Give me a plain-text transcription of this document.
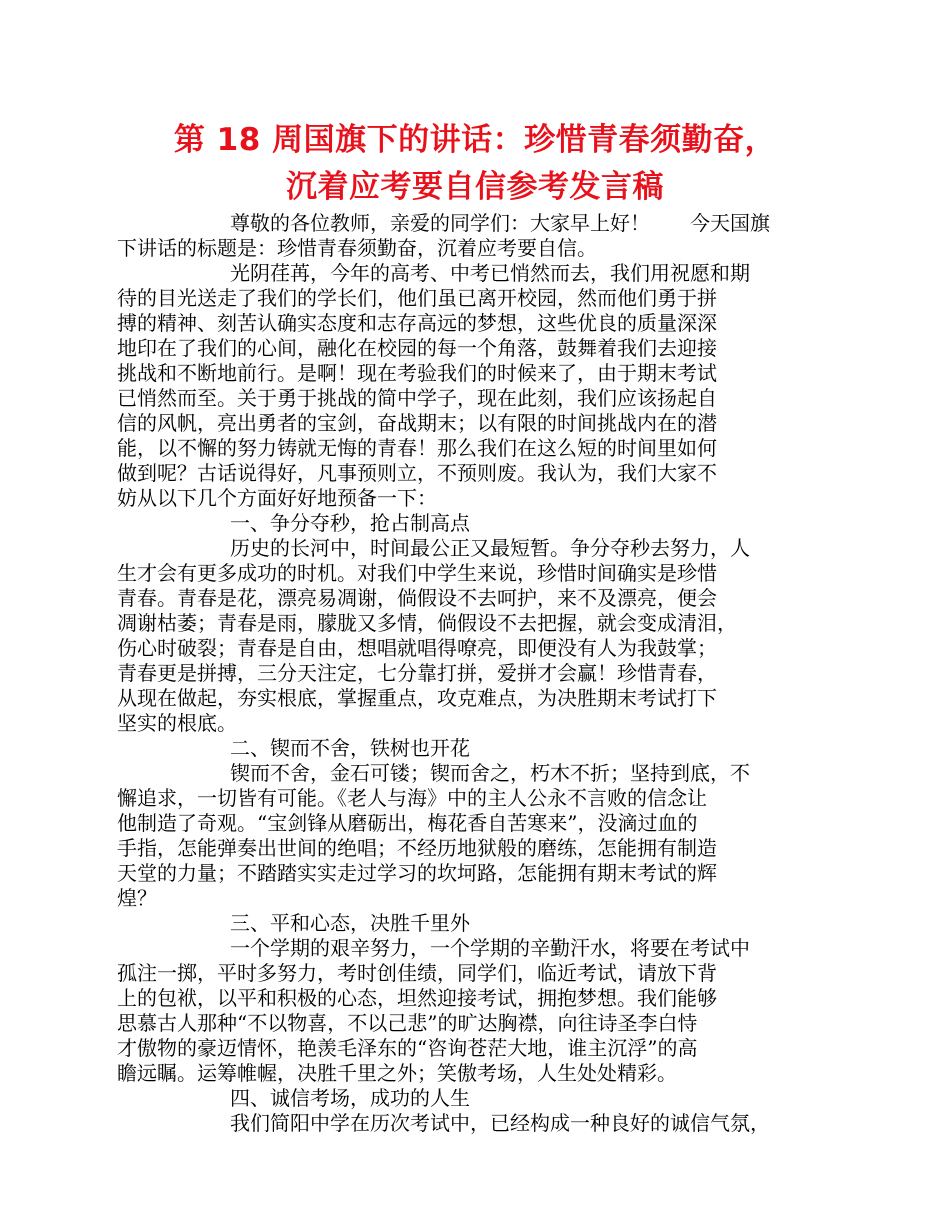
第 18 周国旗下的讲话：珍惜青春须勤奋，
沉着应考要自信参考发言稿
尊敬的各位教师，亲爱的同学们：大家早上好！ 今天国旗
下讲话的标题是：珍惜青春须勤奋，沉着应考要自信。
光阴荏苒，今年的高考、中考已悄然而去，我们用祝愿和期
待的目光送走了我们的学长们，他们虽已离开校园，然而他们勇于拼
搏的精神、刻苦认确实态度和志存高远的梦想，这些优良的质量深深
地印在了我们的心间，融化在校园的每一个角落，鼓舞着我们去迎接
挑战和不断地前行。是啊！现在考验我们的时候来了，由于期末考试
已悄然而至。关于勇于挑战的简中学子，现在此刻，我们应该扬起自
信的风帆，亮出勇者的宝剑，奋战期末；以有限的时间挑战内在的潜
能，以不懈的努力铸就无悔的青春！那么我们在这么短的时间里如何
做到呢？古话说得好，凡事预则立，不预则废。我认为，我们大家不
妨从以下几个方面好好地预备一下：
一、争分夺秒，抢占制高点
历史的长河中，时间最公正又最短暂。争分夺秒去努力，人
生才会有更多成功的时机。对我们中学生来说，珍惜时间确实是珍惜
青春。青春是花，漂亮易凋谢，倘假设不去呵护，来不及漂亮，便会
凋谢枯萎；青春是雨，朦胧又多情，倘假设不去把握，就会变成清泪，
伤心时破裂；青春是自由，想唱就唱得嘹亮，即便没有人为我鼓掌；
青春更是拼搏，三分天注定，七分靠打拼，爱拼才会赢！珍惜青春，
从现在做起，夯实根底，掌握重点，攻克难点，为决胜期末考试打下
坚实的根底。
二、锲而不舍，铁树也开花
锲而不舍，金石可镂；锲而舍之，朽木不折；坚持到底，不
懈追求，一切皆有可能。《老人与海》中的主人公永不言败的信念让
他制造了奇观。“宝剑锋从磨砺出，梅花香自苦寒来”，没滴过血的
手指，怎能弹奏出世间的绝唱；不经历地狱般的磨练，怎能拥有制造
天堂的力量；不踏踏实实走过学习的坎坷路，怎能拥有期末考试的辉
煌？
三、平和心态，决胜千里外
一个学期的艰辛努力，一个学期的辛勤汗水，将要在考试中
孤注一掷，平时多努力，考时创佳绩，同学们，临近考试，请放下背
上的包袱，以平和积极的心态，坦然迎接考试，拥抱梦想。我们能够
思慕古人那种“不以物喜，不以己悲”的旷达胸襟，向往诗圣李白恃
才傲物的豪迈情怀，艳羡毛泽东的“咨询苍茫大地，谁主沉浮”的高
瞻远瞩。运筹帷幄，决胜千里之外；笑傲考场，人生处处精彩。
四、诚信考场，成功的人生
我们简阳中学在历次考试中，已经构成一种良好的诚信气氛，
